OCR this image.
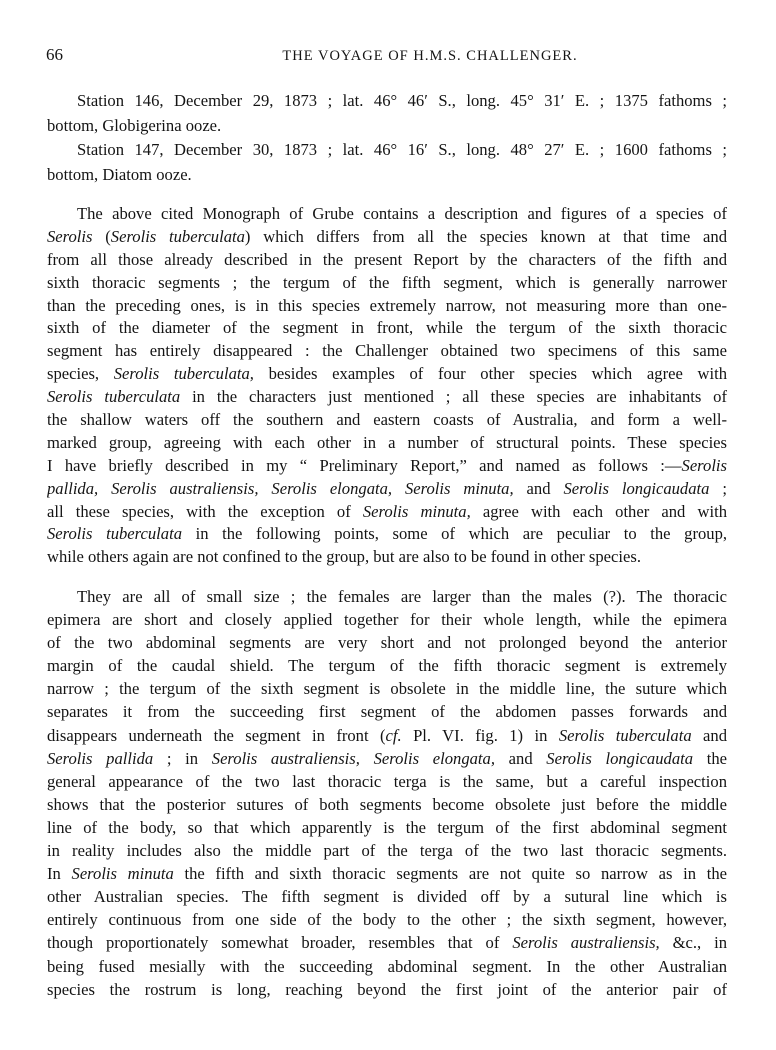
66	THE VOYAGE OF H.M.S. CHALLENGER.
Station 146, December 29, 1873 ; lat. 46° 46′ S., long. 45° 31′ E. ; 1375 fathoms ;
bottom, Globigerina ooze.
Station 147, December 30, 1873 ; lat. 46° 16′ S., long. 48° 27′ E. ; 1600 fathoms ;
bottom, Diatom ooze.
The above cited Monograph of Grube contains a description and figures of a species of
Serolis (Serolis tuberculata) which differs from all the species known at that time and
from all those already described in the present Report by the characters of the fifth and
sixth thoracic segments ; the tergum of the fifth segment, which is generally narrower
than the preceding ones, is in this species extremely narrow, not measuring more than one-
sixth of the diameter of the segment in front, while the tergum of the sixth thoracic
segment has entirely disappeared : the Challenger obtained two specimens of this same
species, Serolis tuberculata, besides examples of four other species which agree with
Serolis tuberculata in the characters just mentioned ; all these species are inhabitants of
the shallow waters off the southern and eastern coasts of Australia, and form a well-
marked group, agreeing with each other in a number of structural points. These species
I have briefly described in my “ Preliminary Report,” and named as follows :—Serolis
pallida, Serolis australiensis, Serolis elongata, Serolis minuta, and Serolis longicaudata ;
all these species, with the exception of Serolis minuta, agree with each other and with
Serolis tuberculata in the following points, some of which are peculiar to the group,
while others again are not confined to the group, but are also to be found in other species.
They are all of small size ; the females are larger than the males (?). The thoracic
epimera are short and closely applied together for their whole length, while the epimera
of the two abdominal segments are very short and not prolonged beyond the anterior
margin of the caudal shield. The tergum of the fifth thoracic segment is extremely
narrow ; the tergum of the sixth segment is obsolete in the middle line, the suture which
separates it from the succeeding first segment of the abdomen passes forwards and
disappears underneath the segment in front (cf. Pl. VI. fig. 1) in Serolis tuberculata and
Serolis pallida ; in Serolis australiensis, Serolis elongata, and Serolis longicaudata the
general appearance of the two last thoracic terga is the same, but a careful inspection
shows that the posterior sutures of both segments become obsolete just before the middle
line of the body, so that which apparently is the tergum of the first abdominal segment
in reality includes also the middle part of the terga of the two last thoracic segments.
In Serolis minuta the fifth and sixth thoracic segments are not quite so narrow as in the
other Australian species. The fifth segment is divided off by a sutural line which is
entirely continuous from one side of the body to the other ; the sixth segment, however,
though proportionately somewhat broader, resembles that of Serolis australiensis, &c., in
being fused mesially with the succeeding abdominal segment. In the other Australian
species the rostrum is long, reaching beyond the first joint of the anterior pair of
